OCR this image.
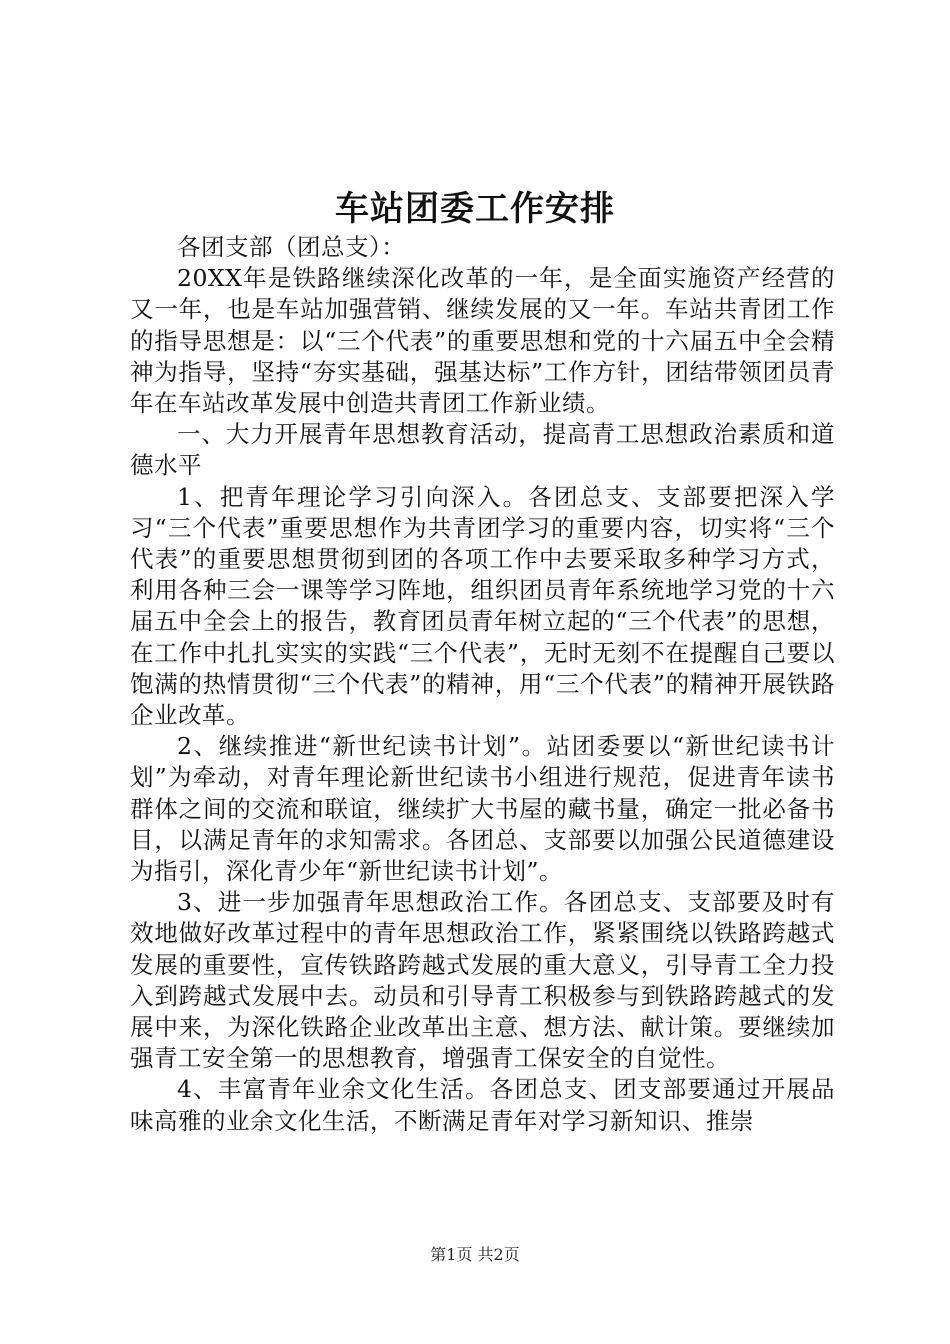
车站团委工作安排

各团支部（团总支）：

20XX年是铁路继续深化改革的一年，是全面实施资产经营的又一年，也是车站加强营销、继续发展的又一年。车站共青团工作的指导思想是：以“三个代表”的重要思想和党的十六届五中全会精神为指导，坚持“夯实基础，强基达标”工作方针，团结带领团员青年在车站改革发展中创造共青团工作新业绩。

一、大力开展青年思想教育活动，提高青工思想政治素质和道德水平

1、把青年理论学习引向深入。各团总支、支部要把深入学习“三个代表”重要思想作为共青团学习的重要内容，切实将“三个代表”的重要思想贯彻到团的各项工作中去要采取多种学习方式，利用各种三会一课等学习阵地，组织团员青年系统地学习党的十六届五中全会上的报告，教育团员青年树立起的“三个代表”的思想，在工作中扎扎实实的实践“三个代表”，无时无刻不在提醒自己要以饱满的热情贯彻“三个代表”的精神，用“三个代表”的精神开展铁路企业改革。

2、继续推进“新世纪读书计划”。站团委要以“新世纪读书计划”为牵动，对青年理论新世纪读书小组进行规范，促进青年读书群体之间的交流和联谊，继续扩大书屋的藏书量，确定一批必备书目，以满足青年的求知需求。各团总、支部要以加强公民道德建设为指引，深化青少年“新世纪读书计划”。

3、进一步加强青年思想政治工作。各团总支、支部要及时有效地做好改革过程中的青年思想政治工作，紧紧围绕以铁路跨越式发展的重要性，宣传铁路跨越式发展的重大意义，引导青工全力投入到跨越式发展中去。动员和引导青工积极参与到铁路跨越式的发展中来，为深化铁路企业改革出主意、想方法、献计策。要继续加强青工安全第一的思想教育，增强青工保安全的自觉性。

4、丰富青年业余文化生活。各团总支、团支部要通过开展品味高雅的业余文化生活，不断满足青年对学习新知识、推崇

第1页 共2页
